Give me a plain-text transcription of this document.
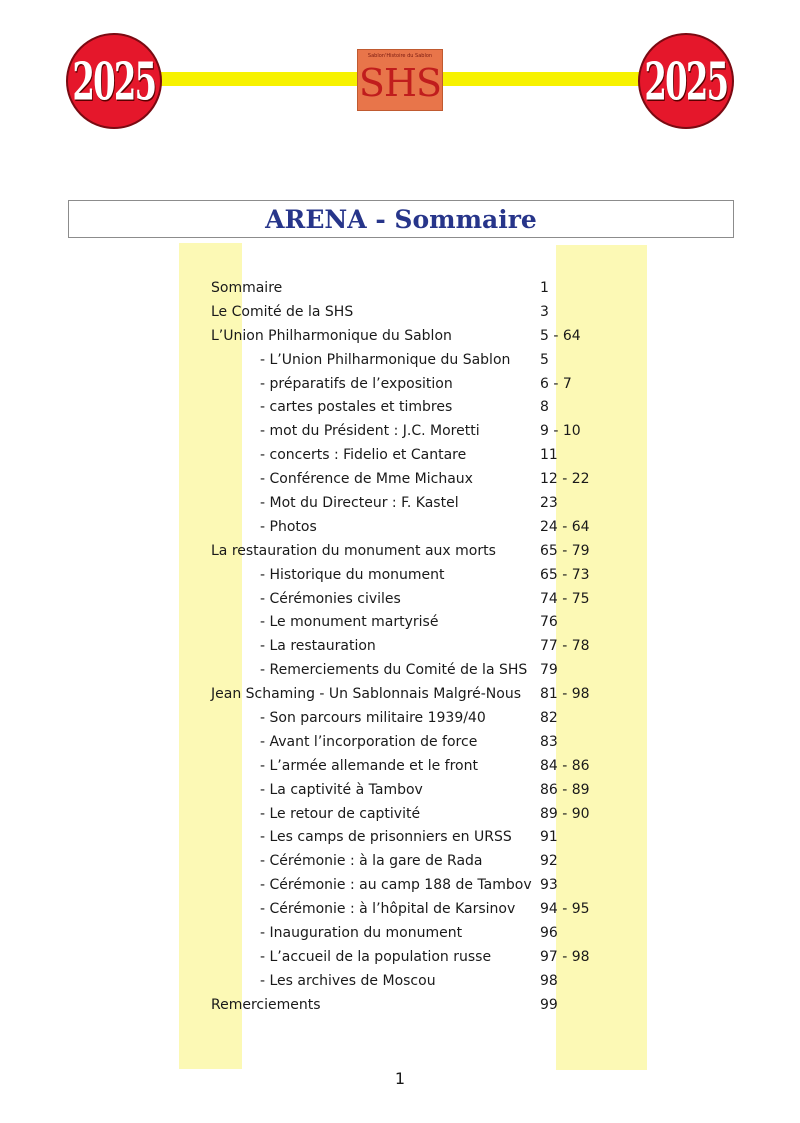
2025	Sablon'Histoire du Sablon
SHS	2025
ARENA - Sommaire
Sommaire	1
Le Comité de la SHS	3
L’Union Philharmonique du Sablon	5 - 64
- L’Union Philharmonique du Sablon 5
- préparatifs de l’exposition	6 - 7
- cartes postales et timbres	8
- mot du Président : J.C. Moretti	9 - 10
- concerts : Fidelio et Cantare	11
- Conférence de Mme Michaux	12 - 22
- Mot du Directeur : F. Kastel	23
- Photos	24 - 64
La restauration du monument aux morts	65 - 79
- Historique du monument	65 - 73
- Cérémonies civiles	74 - 75
- Le monument martyrisé	76
- La restauration	77 - 78
- Remerciements du Comité de la SHS 79
Jean Schaming - Un Sablonnais Malgré-Nous 81 - 98
- Son parcours militaire 1939/40	82
- Avant l’incorporation de force	83
- L’armée allemande et le front	84 - 86
- La captivité à Tambov	86 - 89
- Le retour de captivité	89 - 90
- Les camps de prisonniers en URSS 91
- Cérémonie : à la gare de Rada	92
- Cérémonie : au camp 188 de Tambov 93
- Cérémonie : à l’hôpital de Karsinov 94 - 95
- Inauguration du monument	96
- L’accueil de la population russe	97 - 98
- Les archives de Moscou	98
Remerciements	99
1
